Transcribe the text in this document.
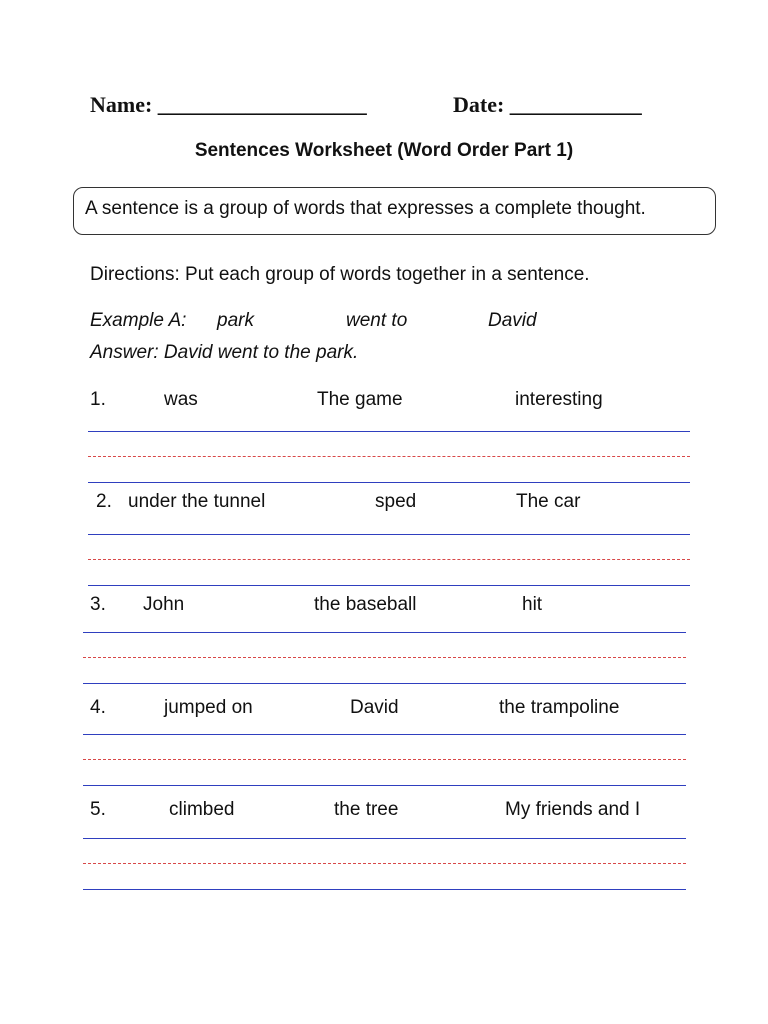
Name: ___________________	Date: ____________
Sentences Worksheet (Word Order Part 1)
A sentence is a group of words that expresses a complete thought.
Directions: Put each group of words together in a sentence.
Example A: park	went to	David
Answer: David went to the park.
1.	was	The game	interesting
2. under the tunnel	sped	The car
3. John	the baseball	hit
4.	jumped on	David	the trampoline
5.	climbed	the tree	My friends and I
